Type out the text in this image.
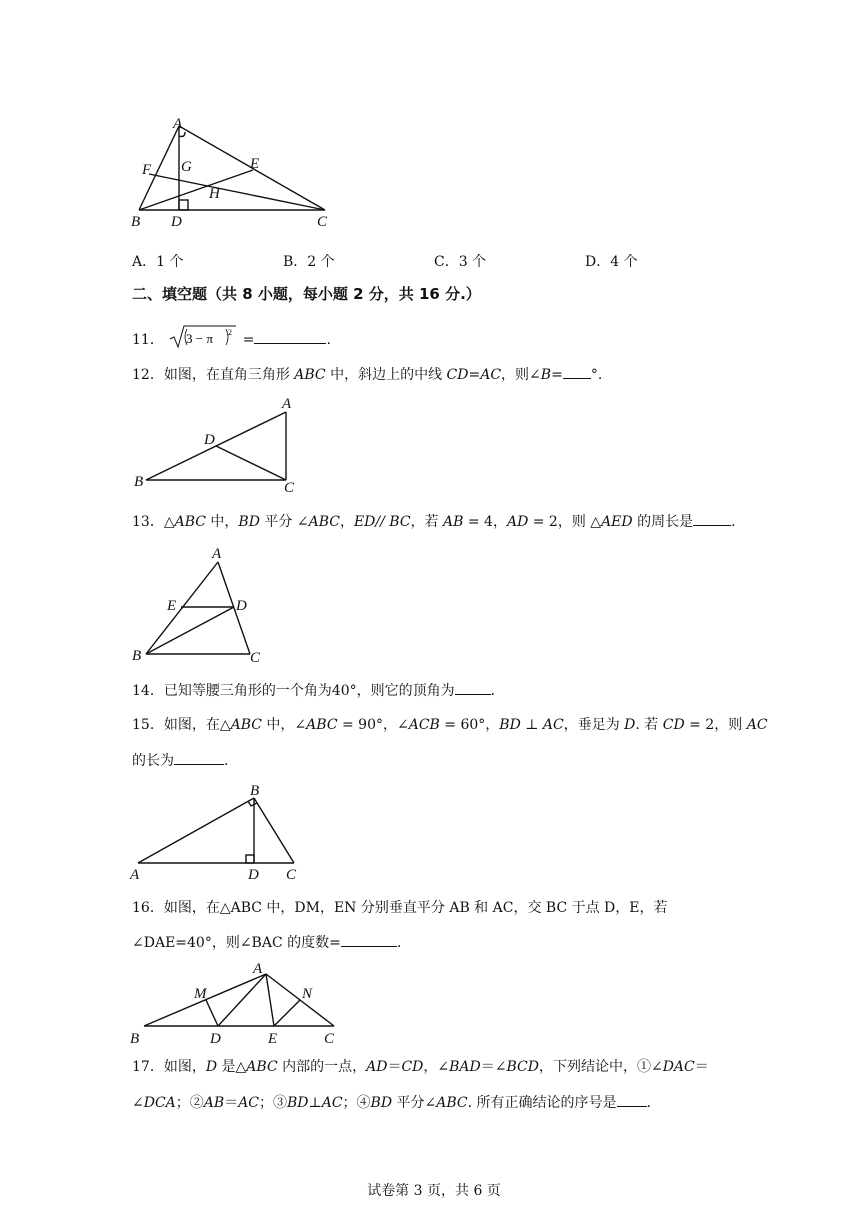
A
B	C
D
E
F G
H
A．1 个	B．2 个	C．3 个	D．4 个
二、填空题（共 8 小题，每小题 2 分，共 16 分.）
11． 3 − π 2 =	.
12．如图，在直角三角形 ABC 中，斜边上的中线 CD=AC，则∠B= °.
A
B	C
D
13．△ABC 中，BD 平分 ∠ABC，ED// BC，若 AB = 4，AD = 2，则 △AED 的周长是	.
A
B	C
D
E
14．已知等腰三角形的一个角为40°，则它的顶角为	.
15．如图，在△ABC 中，∠ABC = 90°，∠ACB = 60°，BD ⊥ AC，垂足为 D. 若 CD = 2，则 AC
的长为	.
B
A	D C
16．如图，在△ABC 中，DM，EN 分别垂直平分 AB 和 AC，交 BC 于点 D，E，若
∠DAE=40°，则∠BAC 的度数=	.
A
B	D	E	C
M	N
17．如图，D 是△ABC 内部的一点，AD＝CD，∠BAD＝∠BCD，下列结论中，①∠DAC＝
∠DCA；②AB＝AC；③BD⊥AC；④BD 平分∠ABC. 所有正确结论的序号是 .
试卷第 3 页，共 6 页
